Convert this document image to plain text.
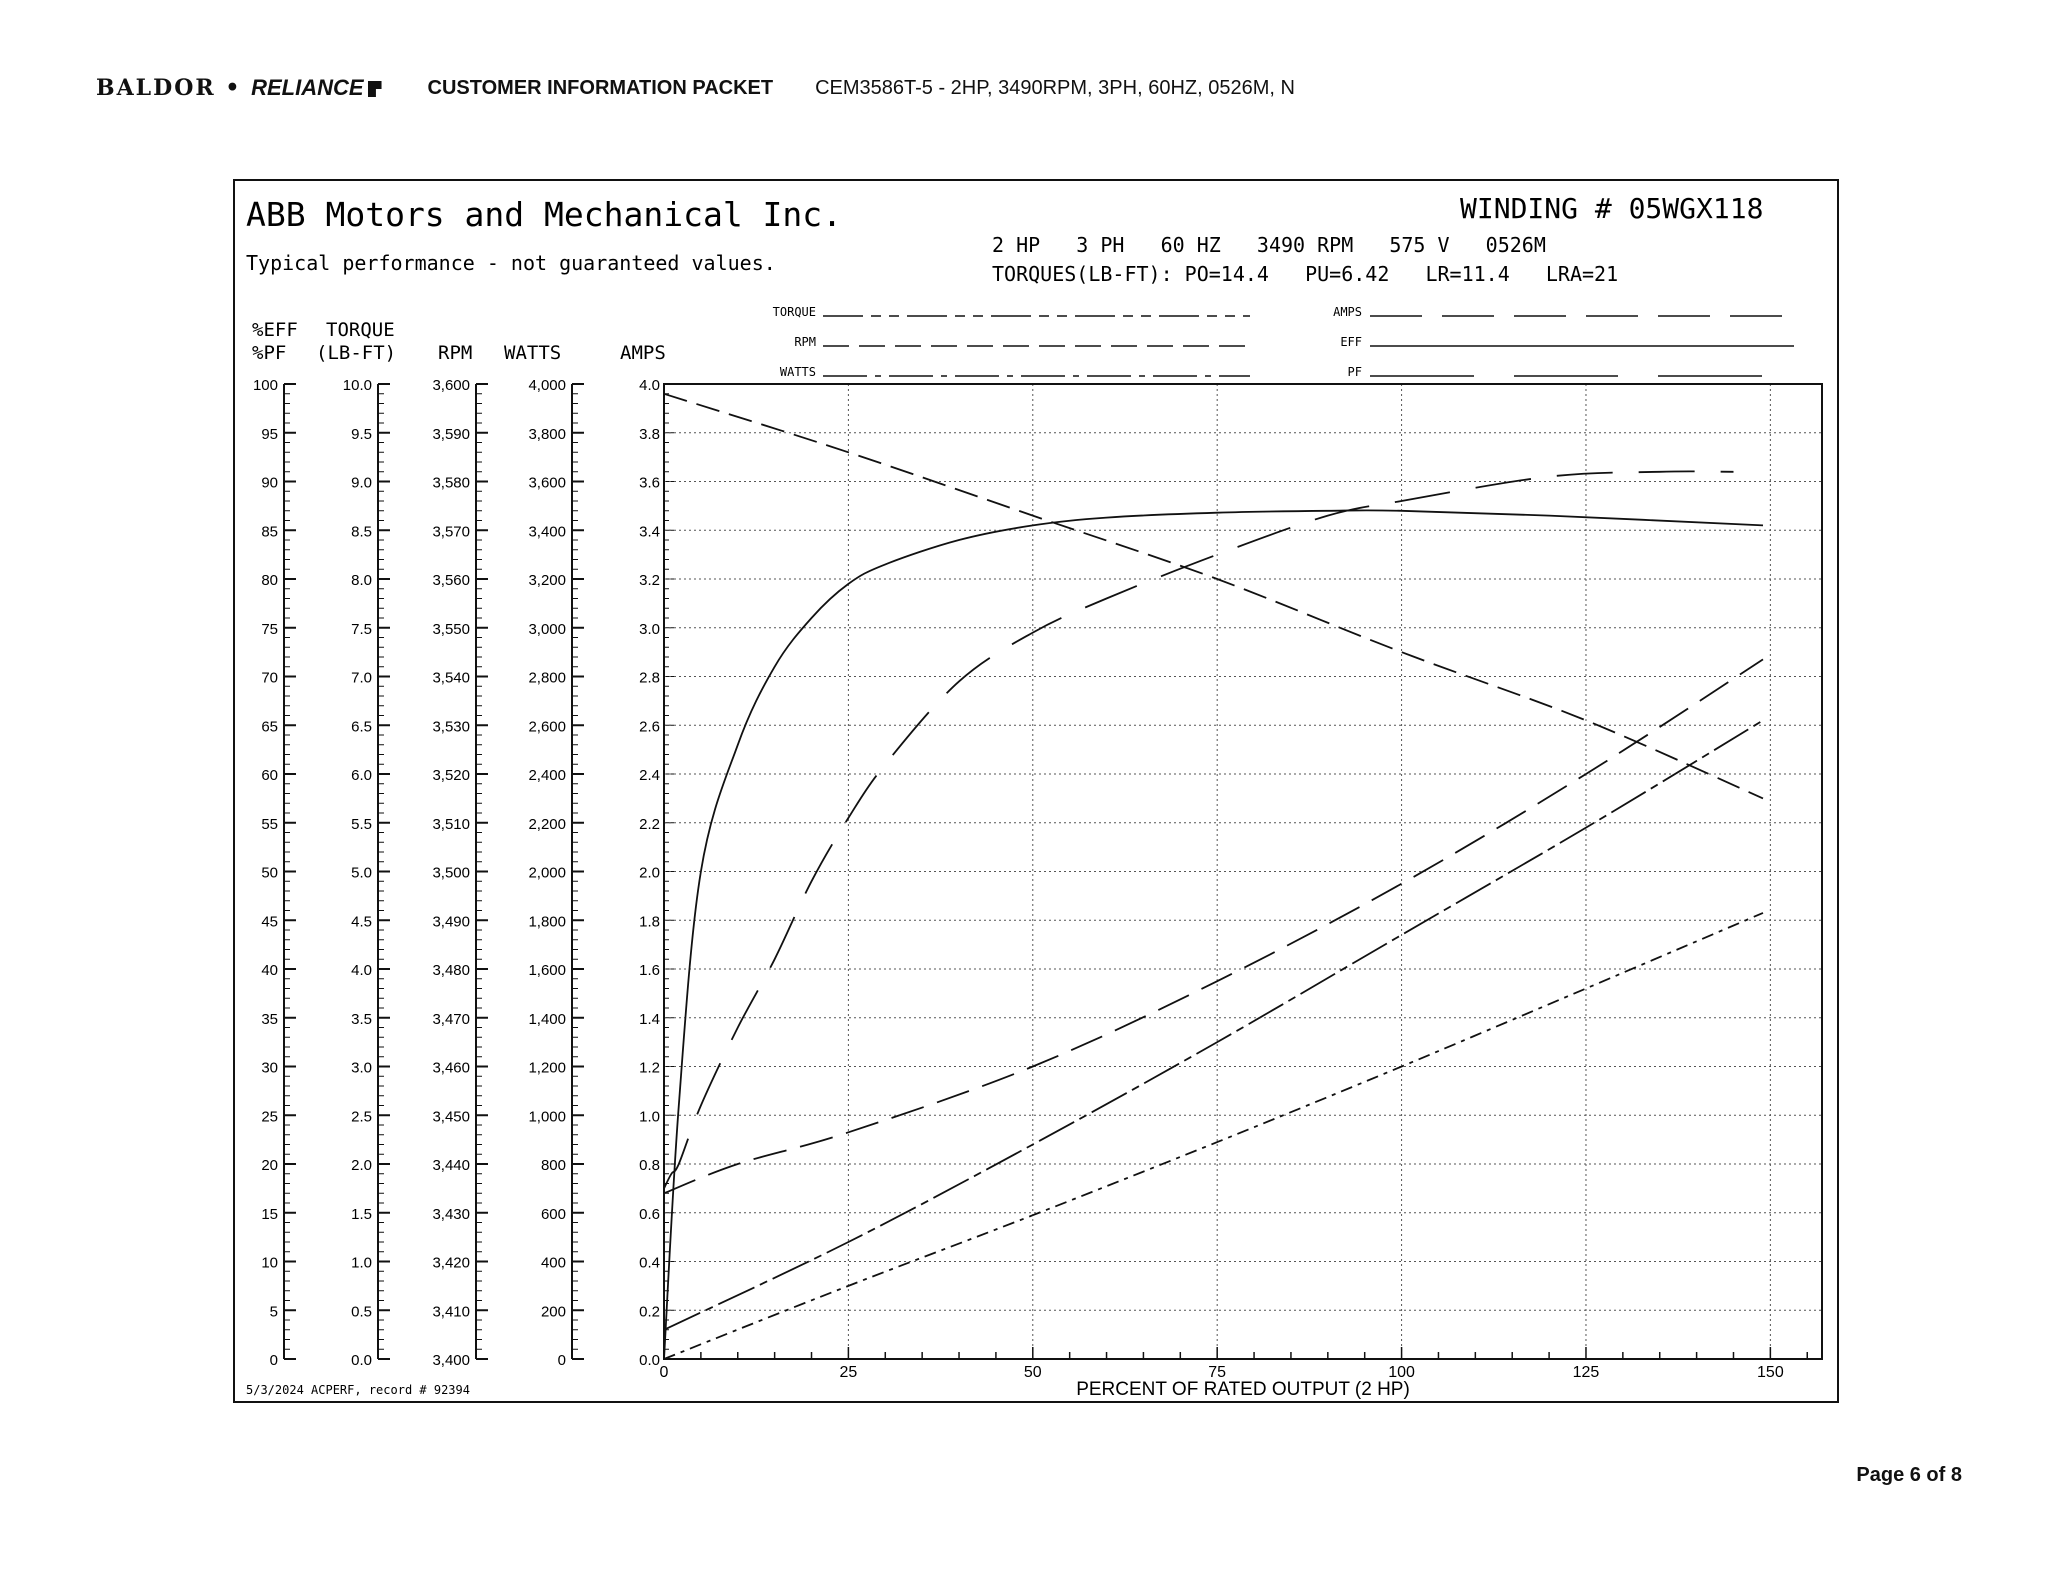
BALDOR • RELIANCE	CUSTOMER INFORMATION PACKET CEM3586T-5 - 2HP, 3490RPM, 3PH, 60HZ, 0526M, N
ABB Motors and Mechanical Inc.
Typical performance - not guaranteed values.
WINDING # 05WGX118
2 HP   3 PH   60 HZ   3490 RPM   575 V   0526M
TORQUES(LB-FT): PO=14.4   PU=6.42   LR=11.4   LRA=21
TORQUE
RPM
WATTS
AMPS
EFF
PF
%EFF
%PF
TORQUE
(LB-FT) RPM WATTS	AMPS
100
95
90
85
80
75
70
65
60
55
50
45
40
35
30
25
20
15
10
5
0
10.0
9.5
9.0
8.5
8.0
7.5
7.0
6.5
6.0
5.5
5.0
4.5
4.0
3.5
3.0
2.5
2.0
1.5
1.0
0.5
0.0
3,600
3,590
3,580
3,570
3,560
3,550
3,540
3,530
3,520
3,510
3,500
3,490
3,480
3,470
3,460
3,450
3,440
3,430
3,420
3,410
3,400
4,000
3,800
3,600
3,400
3,200
3,000
2,800
2,600
2,400
2,200
2,000
1,800
1,600
1,400
1,200
1,000
800
600
400
200
0
4.0
3.8
3.6
3.4
3.2
3.0
2.8
2.6
2.4
2.2
2.0
1.8
1.6
1.4
1.2
1.0
0.8
0.6
0.4
0.2
0.0
0	25	50	75	100	125	150
PERCENT OF RATED OUTPUT (2 HP)
5/3/2024 ACPERF, record # 92394
Page 6 of 8
